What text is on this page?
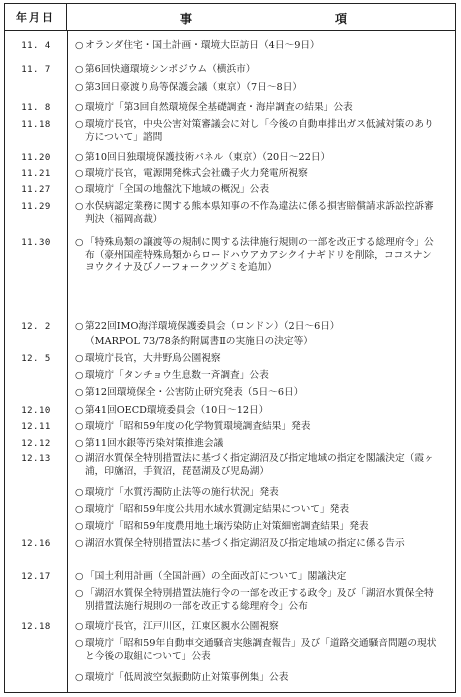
年月日	事	項
11. 4	○ オランダ住宅・国土計画・環境大臣訪日（4日～9日）
11. 7	○ 第6回快適環境シンポジウム（横浜市）
○ 第3回日豪渡り鳥等保護会議（東京）（7日～8日）
11. 8	○ 環境庁「第3回自然環境保全基礎調査・海岸調査の結果」公表
11.18	○ 環境庁長官，中央公害対策審議会に対し「今後の自動車排出ガス低減対策のあり方について」諮問
11.20	○ 第10回日独環境保護技術パネル（東京）（20日～22日）
11.21	○ 環境庁長官，電源開発株式会社磯子火力発電所視察
11.27	○ 環境庁「全国の地盤沈下地域の概況」公表
11.29	○ 水俣病認定業務に関する熊本県知事の不作為違法に係る損害賠償請求訴訟控訴審判決（福岡高裁）
11.30	○ 「特殊鳥類の譲渡等の規制に関する法律施行規則の一部を改正する総理府令」公布（豪州国産特殊鳥類からロードハウアカアシクイナギドリを削除，ココスナンヨウクイナ及びノーフォークツグミを追加）
12. 2	○ 第22回IMO海洋環境保護委員会（ロンドン）（2日～6日）
（MARPOL 73/78条約附属書Ⅱの実施日の決定等）
12. 5	○ 環境庁長官，大井野鳥公園視察
○ 環境庁「タンチョウ生息数一斉調査」公表
○ 第12回環境保全・公害防止研究発表（5日～6日）
12.10	○ 第41回OECD環境委員会（10日～12日）
12.11	○ 環境庁「昭和59年度の化学物質環境調査結果」発表
12.12	○ 第11回水銀等汚染対策推進会議
12.13	○ 湖沼水質保全特別措置法に基づく指定湖沼及び指定地域の指定を閣議決定（霞ヶ浦，印旛沼，手賀沼，琵琶湖及び児島湖）
○ 環境庁「水質汚濁防止法等の施行状況」発表
○ 環境庁「昭和59年度公共用水域水質測定結果について」発表
○ 環境庁「昭和59年度農用地土壌汚染防止対策細密調査結果」発表
12.16	○ 湖沼水質保全特別措置法に基づく指定湖沼及び指定地域の指定に係る告示
12.17	○ 「国土利用計画（全国計画）の全面改訂について」閣議決定
○ 「湖沼水質保全特別措置法施行令の一部を改正する政令」及び「湖沼水質保全特別措置法施行規則の一部を改正する総理府令」公布
12.18	○ 環境庁長官，江戸川区，江東区親水公園視察
○ 環境庁「昭和59年自動車交通騒音実態調査報告」及び「道路交通騒音問題の現状と今後の取組について」公表
○ 環境庁「低周波空気振動防止対策事例集」公表
